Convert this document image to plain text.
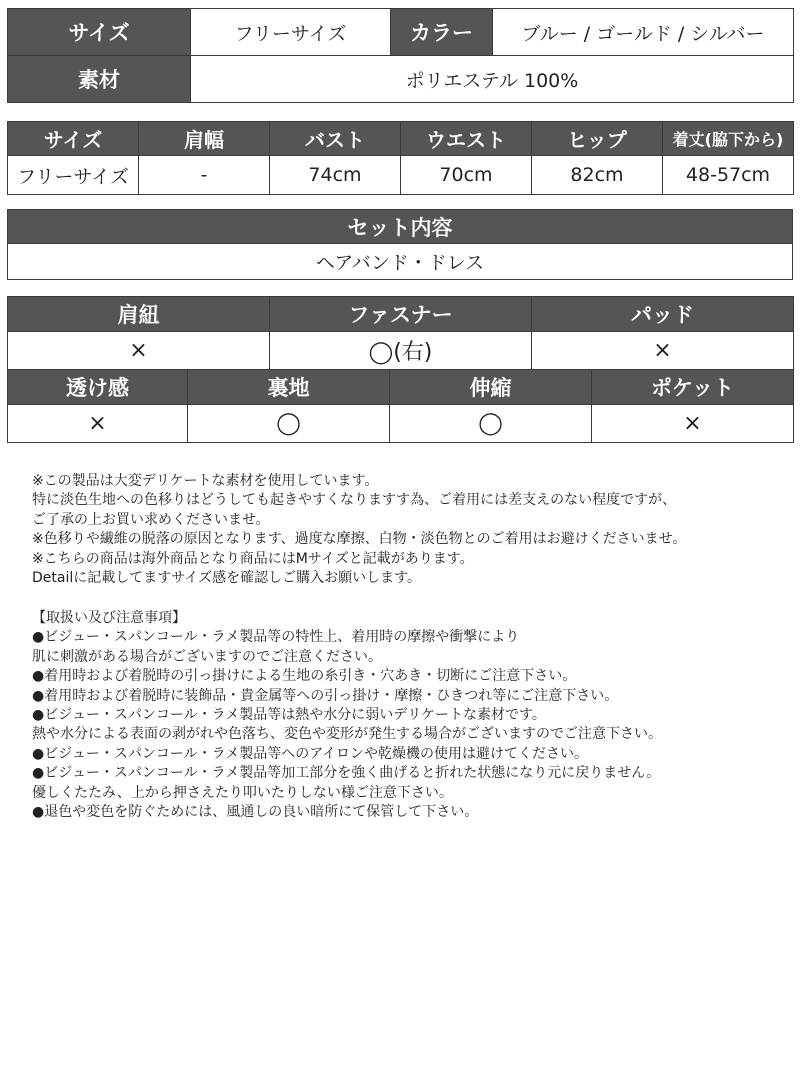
サイズ	フリーサイズ	カラー	ブルー / ゴールド / シルバー
素材	ポリエステル 100%		
サイズ	肩幅	バスト	ウエスト	ヒップ	着丈(脇下から)
フリーサイズ	-	74cm	70cm	82cm	48-57cm
セット内容
ヘアバンド・ドレス
肩紐	ファスナー	パッド
×	◯(右)	×
透け感	裏地	伸縮	ポケット
×	◯	◯	×
※この製品は大変デリケートな素材を使用しています。
特に淡色生地への色移りはどうしても起きやすくなりますす為、ご着用には差支えのない程度ですが、
ご了承の上お買い求めくださいませ。
※色移りや繊維の脱落の原因となります、過度な摩擦、白物・淡色物とのご着用はお避けくださいませ。
※こちらの商品は海外商品となり商品にはMサイズと記載があります。
Detailに記載してますサイズ感を確認しご購入お願いします。
【取扱い及び注意事項】
●ビジュー・スパンコール・ラメ製品等の特性上、着用時の摩擦や衝撃により
肌に刺激がある場合がございますのでご注意ください。
●着用時および着脱時の引っ掛けによる生地の糸引き・穴あき・切断にご注意下さい。
●着用時および着脱時に装飾品・貴金属等への引っ掛け・摩擦・ひきつれ等にご注意下さい。
●ビジュー・スパンコール・ラメ製品等は熱や水分に弱いデリケートな素材です。
熱や水分による表面の剥がれや色落ち、変色や変形が発生する場合がございますのでご注意下さい。
●ビジュー・スパンコール・ラメ製品等へのアイロンや乾燥機の使用は避けてください。
●ビジュー・スパンコール・ラメ製品等加工部分を強く曲げると折れた状態になり元に戻りません。
優しくたたみ、上から押さえたり叩いたりしない様ご注意下さい。
●退色や変色を防ぐためには、風通しの良い暗所にて保管して下さい。
